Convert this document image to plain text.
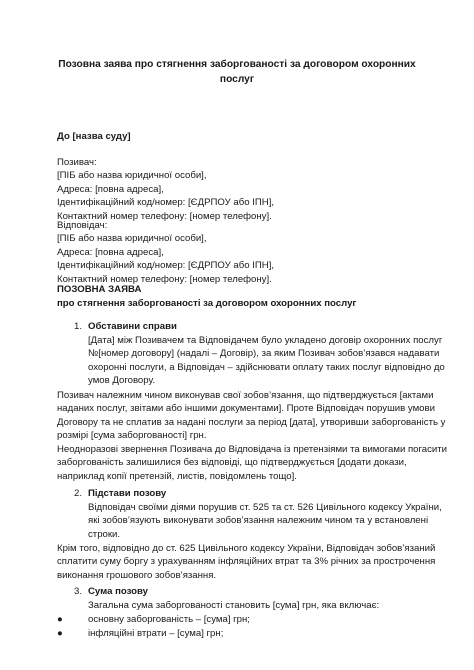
Позовна заява про стягнення заборгованості за договором охоронних
послуг
До [назва суду]
Позивач:
[ПІБ або назва юридичної особи],
Адреса: [повна адреса],
Ідентифікаційний код/номер: [ЄДРПОУ або ІПН],
Контактний номер телефону: [номер телефону].
Відповідач:
[ПІБ або назва юридичної особи],
Адреса: [повна адреса],
Ідентифікаційний код/номер: [ЄДРПОУ або ІПН],
Контактний номер телефону: [номер телефону].
ПОЗОВНА ЗАЯВА
про стягнення заборгованості за договором охоронних послуг
1. Обставини справи
[Дата] між Позивачем та Відповідачем було укладено договір охоронних послуг
№[номер договору] (надалі – Договір), за яким Позивач зобов’язався надавати
охоронні послуги, а Відповідач – здійснювати оплату таких послуг відповідно до
умов Договору.
Позивач належним чином виконував свої зобов’язання, що підтверджується [актами
наданих послуг, звітами або іншими документами]. Проте Відповідач порушив умови
Договору та не сплатив за надані послуги за період [дата], утворивши заборгованість у
розмірі [сума заборгованості] грн.
Неодноразові звернення Позивача до Відповідача із претензіями та вимогами погасити
заборгованість залишилися без відповіді, що підтверджується [додати докази,
наприклад копії претензій, листів, повідомлень тощо].
2. Підстави позову
Відповідач своїми діями порушив ст. 525 та ст. 526 Цивільного кодексу України,
які зобов’язують виконувати зобов’язання належним чином та у встановлені
строки.
Крім того, відповідно до ст. 625 Цивільного кодексу України, Відповідач зобов’язаний
сплатити суму боргу з урахуванням інфляційних втрат та 3% річних за прострочення
виконання грошового зобов’язання.
3. Сума позову
Загальна сума заборгованості становить [сума] грн, яка включає:
●	основну заборгованість – [сума] грн;
●	інфляційні втрати – [сума] грн;
